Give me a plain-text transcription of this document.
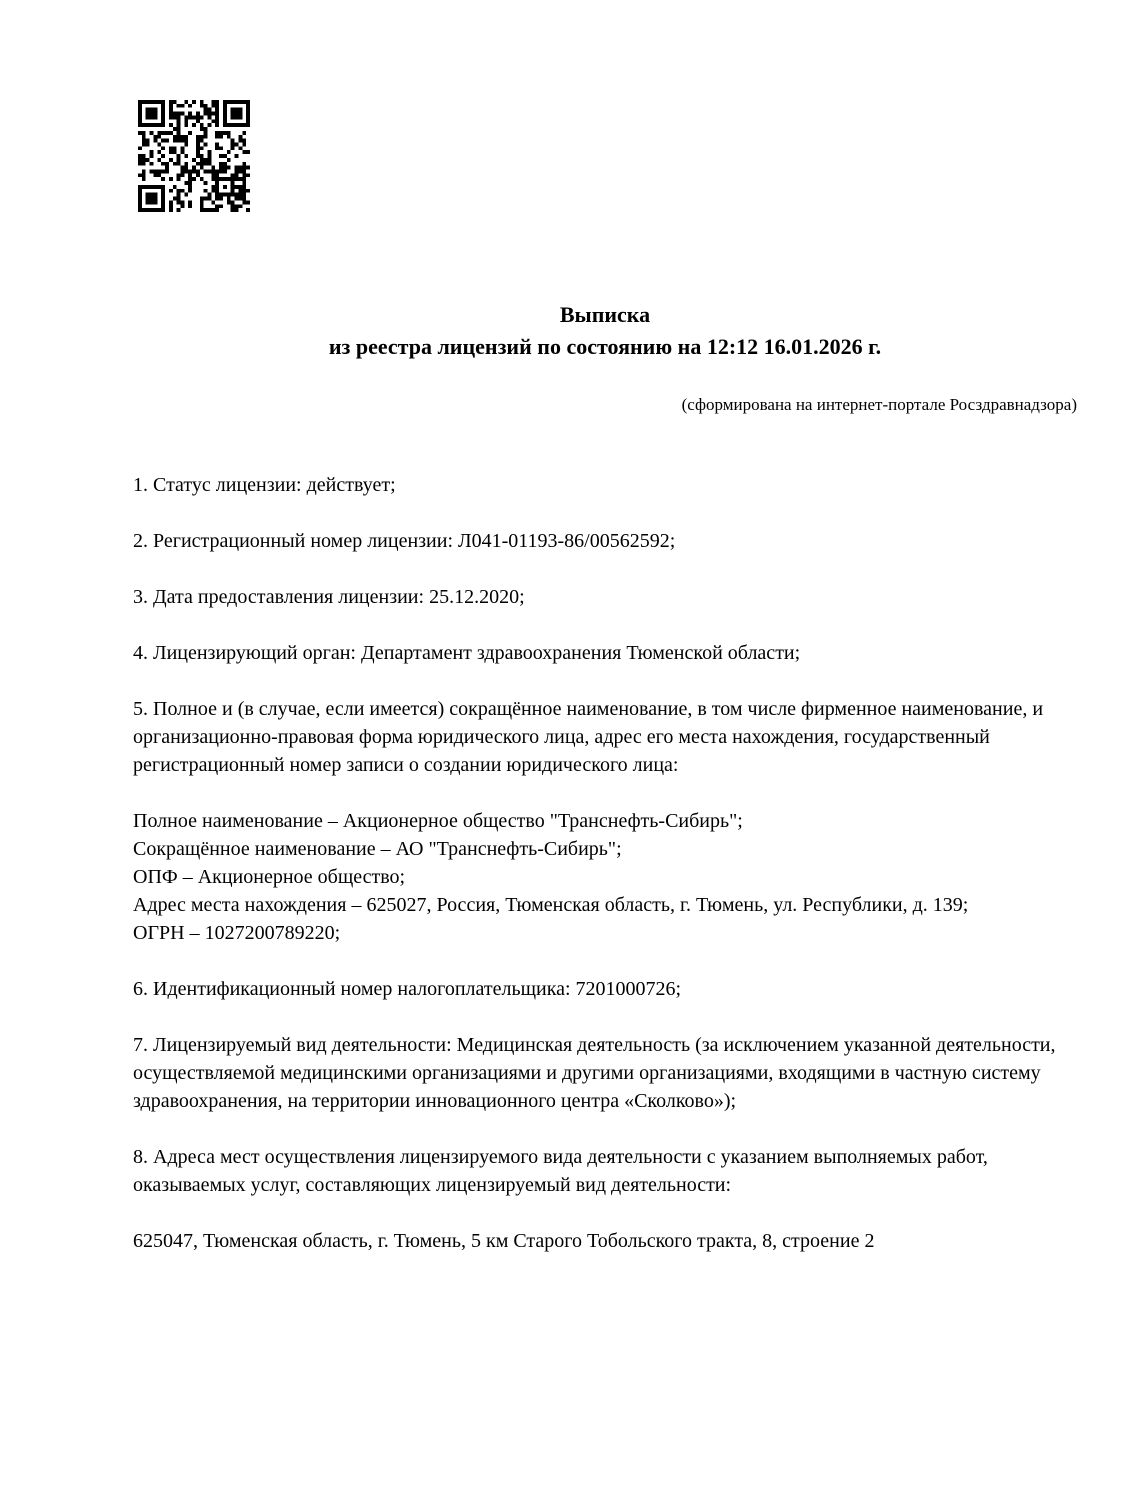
Выписка
из реестра лицензий по состоянию на 12:12 16.01.2026 г.
(сформирована на интернет-портале Росздравнадзора)
1. Статус лицензии: действует;
2. Регистрационный номер лицензии: Л041-01193-86/00562592;
3. Дата предоставления лицензии: 25.12.2020;
4. Лицензирующий орган: Департамент здравоохранения Тюменской области;
5. Полное и (в случае, если имеется) сокращённое наименование, в том числе фирменное наименование, и организационно-правовая форма юридического лица, адрес его места нахождения, государственный регистрационный номер записи о создании юридического лица:
Полное наименование – Акционерное общество "Транснефть-Сибирь";
Сокращённое наименование – АО "Транснефть-Сибирь";
ОПФ – Акционерное общество;
Адрес места нахождения – 625027, Россия, Тюменская область, г. Тюмень, ул. Республики, д. 139;
ОГРН – 1027200789220;
6. Идентификационный номер налогоплательщика: 7201000726;
7. Лицензируемый вид деятельности: Медицинская деятельность (за исключением указанной деятельности, осуществляемой медицинскими организациями и другими организациями, входящими в частную систему здравоохранения, на территории инновационного центра «Сколково»);
8. Адреса мест осуществления лицензируемого вида деятельности с указанием выполняемых работ, оказываемых услуг, составляющих лицензируемый вид деятельности:
625047, Тюменская область, г. Тюмень, 5 км Старого Тобольского тракта, 8, строение 2
